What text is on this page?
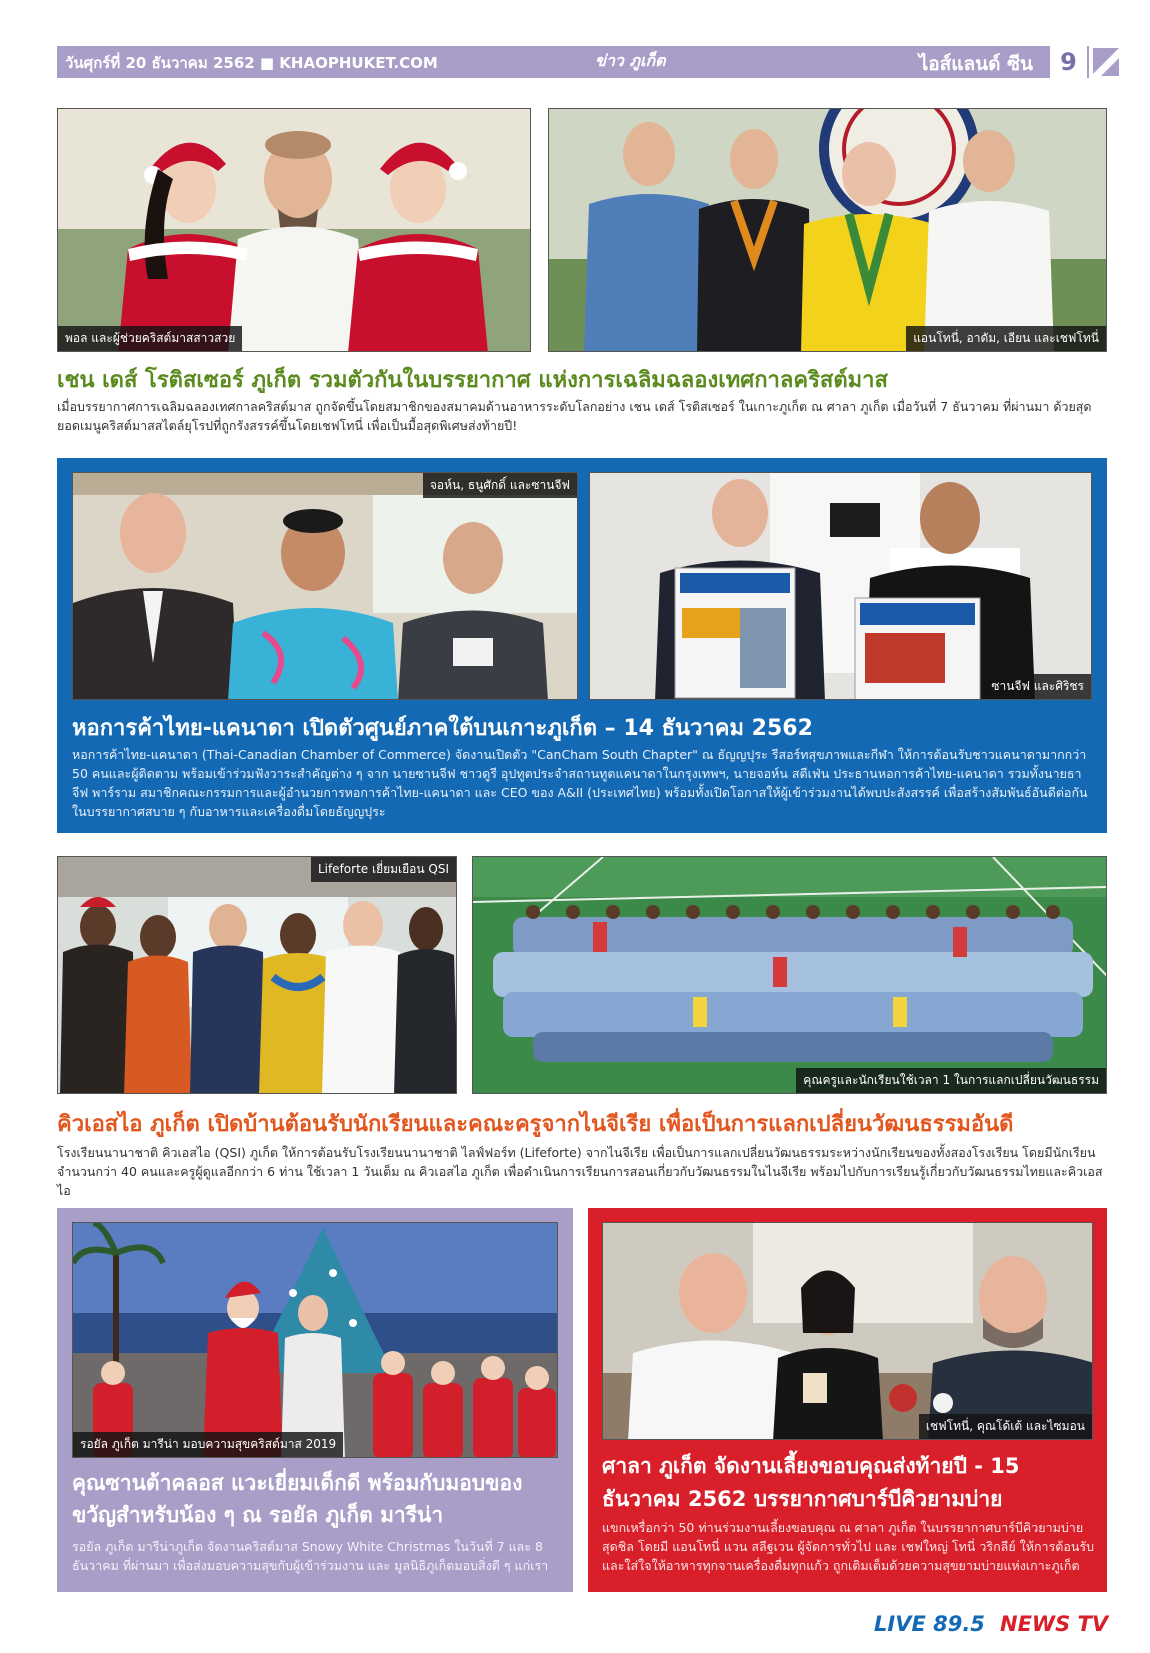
วันศุกร์ที่ 20 ธันวาคม 2562 ■ KHAOPHUKET.COM	ข่าว ภูเก็ต	ไอส์แลนด์ ซีน	9
พอล และผู้ช่วยคริสต์มาสสาวสวย	แอนโทนี่, อาดัม, เอียน และเชฟโทนี่
เชน เดส์ โรติสเซอร์ ภูเก็ต รวมตัวกันในบรรยากาศ แห่งการเฉลิมฉลองเทศกาลคริสต์มาส
เมื่อบรรยากาศการเฉลิมฉลองเทศกาลคริสต์มาส ถูกจัดขึ้นโดยสมาชิกของสมาคมด้านอาหารระดับโลกอย่าง เชน เดส์ โรติสเซอร์ ในเกาะภูเก็ต ณ ศาลา ภูเก็ต เมื่อวันที่ 7 ธันวาคม ที่ผ่านมา ด้วยสุดยอดเมนูคริสต์มาสสไตล์ยุโรปที่ถูกรังสรรค์ขึ้นโดยเชฟโทนี่ เพื่อเป็นมื้อสุดพิเศษส่งท้ายปี!
จอห์น, ธนูศักดิ์ และซานจีฟ
ซานจีฟ และศิริชร
หอการค้าไทย-แคนาดา เปิดตัวศูนย์ภาคใต้บนเกาะภูเก็ต – 14 ธันวาคม 2562
หอการค้าไทย-แคนาดา (Thai-Canadian Chamber of Commerce) จัดงานเปิดตัว "CanCham South Chapter" ณ ธัญญปุระ รีสอร์ทสุขภาพและกีฬา ให้การต้อนรับชาวแคนาดามากกว่า 50 คนและผู้ติดตาม พร้อมเข้าร่วมฟังวาระสำคัญต่าง ๆ จาก นายซานจีฟ ชาวดูรี อุปทูตประจำสถานทูตแคนาดาในกรุงเทพฯ, นายจอห์น สตีเฟ่น ประธานหอการค้าไทย-แคนาดา รวมทั้งนายธาจีฟ พาร์ราม สมาชิกคณะกรรมการและผู้อำนวยการหอการค้าไทย-แคนาดา และ CEO ของ A&II (ประเทศไทย) พร้อมทั้งเปิดโอกาสให้ผู้เข้าร่วมงานได้พบปะสังสรรค์ เพื่อสร้างสัมพันธ์อันดีต่อกัน ในบรรยากาศสบาย ๆ กับอาหารและเครื่องดื่มโดยธัญญปุระ
Lifeforte เยี่ยมเยือน QSI
คุณครูและนักเรียนใช้เวลา 1 ในการแลกเปลี่ยนวัฒนธรรม
คิวเอสไอ ภูเก็ต เปิดบ้านต้อนรับนักเรียนและคณะครูจากไนจีเรีย เพื่อเป็นการแลกเปลี่ยนวัฒนธรรมอันดี
โรงเรียนนานาชาติ คิวเอสไอ (QSI) ภูเก็ต ให้การต้อนรับโรงเรียนนานาชาติ ไลฟ์ฟอร์ท (Lifeforte) จากไนจีเรีย เพื่อเป็นการแลกเปลี่ยนวัฒนธรรมระหว่างนักเรียนของทั้งสองโรงเรียน โดยมีนักเรียนจำนวนกว่า 40 คนและครูผู้ดูแลอีกกว่า 6 ท่าน ใช้เวลา 1 วันเต็ม ณ คิวเอสไอ ภูเก็ต เพื่อดำเนินการเรียนการสอนเกี่ยวกับวัฒนธรรมในไนจีเรีย พร้อมไปกับการเรียนรู้เกี่ยวกับวัฒนธรรมไทยและคิวเอสไอ
รอยัล ภูเก็ต มารีน่า มอบความสุขคริสต์มาส 2019
คุณซานต้าคลอส แวะเยี่ยมเด็กดี พร้อมกับมอบของขวัญสำหรับน้อง ๆ ณ รอยัล ภูเก็ต มารีน่า
รอยัล ภูเก็ต มารีน่าภูเก็ต จัดงานคริสต์มาส Snowy White Christmas ในวันที่ 7 และ 8 ธันวาคม ที่ผ่านมา เพื่อส่งมอบความสุขกับผู้เข้าร่วมงาน และ มูลนิธิภูเก็ตมอบสิ่งดี ๆ แก่เรา
เชฟโทนี่, คุณโด้เต้ และไซมอน
ศาลา ภูเก็ต จัดงานเลี้ยงขอบคุณส่งท้ายปี - 15 ธันวาคม 2562 บรรยากาศบาร์บีคิวยามบ่าย
แขกเหรื่อกว่า 50 ท่านร่วมงานเลี้ยงขอบคุณ ณ ศาลา ภูเก็ต ในบรรยากาศบาร์บีคิวยามบ่าย สุดชิล โดยมี แอนโทนี่ แวน สลีฐเวน ผู้จัดการทั่วไป และ เชฟใหญ่ โทนี่ วริกลีย์ ให้การต้อนรับและใส่ใจให้อาหารทุกจานเครื่องดื่มทุกแก้ว ถูกเติมเต็มด้วยความสุขยามบ่ายแห่งเกาะภูเก็ต
LIVE 89.5 NEWS TV
